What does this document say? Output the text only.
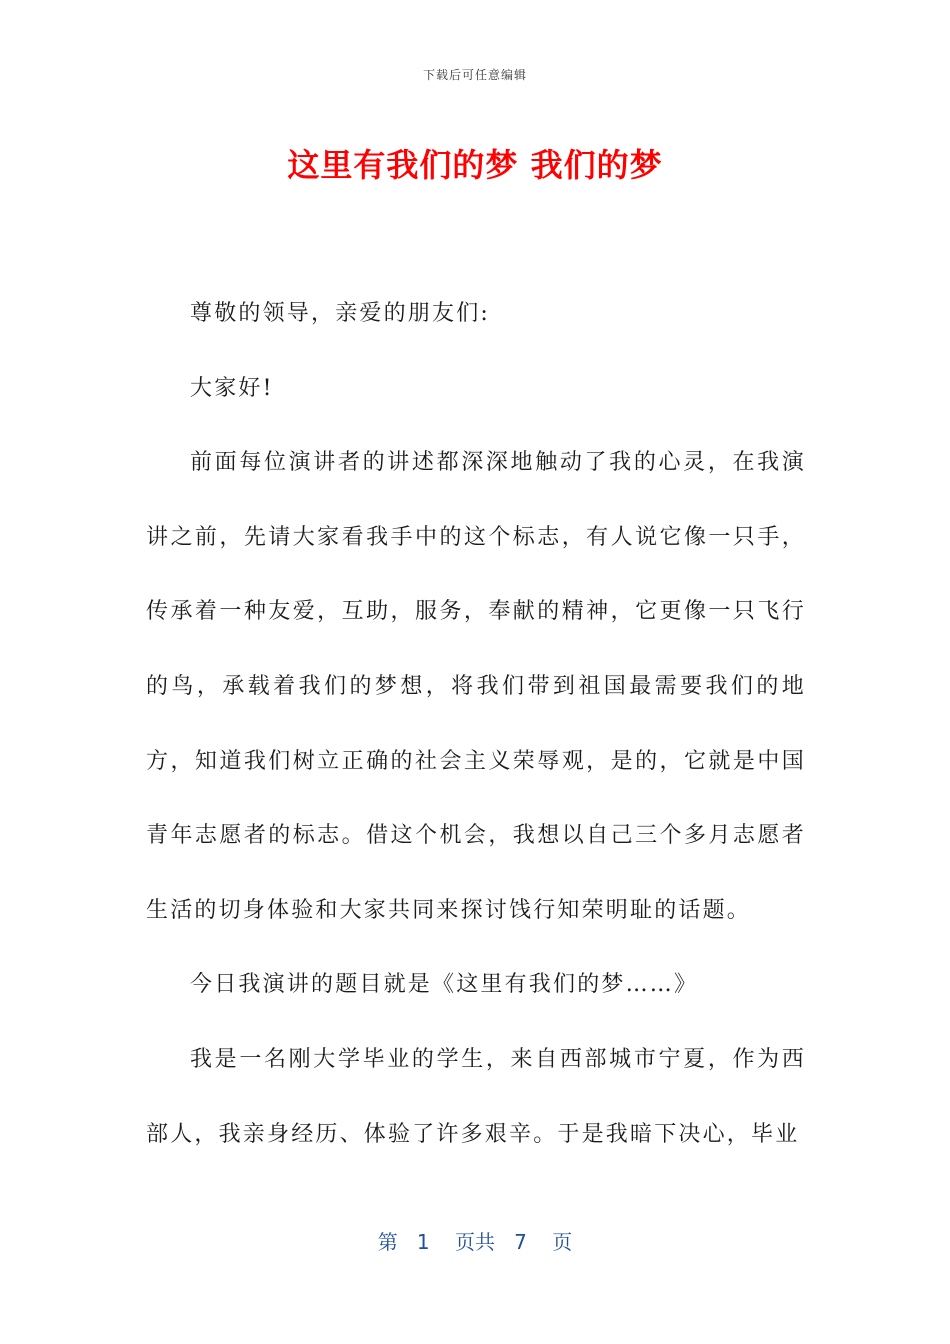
下载后可任意编辑
这里有我们的梦 我们的梦

尊敬的领导，亲爱的朋友们:

大家好!

前面每位演讲者的讲述都深深地触动了我的心灵，在我演讲之前，先请大家看我手中的这个标志，有人说它像一只手，传承着一种友爱，互助，服务，奉献的精神，它更像一只飞行的鸟，承载着我们的梦想，将我们带到祖国最需要我们的地方，知道我们树立正确的社会主义荣辱观，是的，它就是中国青年志愿者的标志。借这个机会，我想以自己三个多月志愿者生活的切身体验和大家共同来探讨饯行知荣明耻的话题。

今日我演讲的题目就是《这里有我们的梦……》

我是一名刚大学毕业的学生，来自西部城市宁夏，作为西部人，我亲身经历、体验了许多艰辛。于是我暗下决心，毕业

第 1 页共 7 页
